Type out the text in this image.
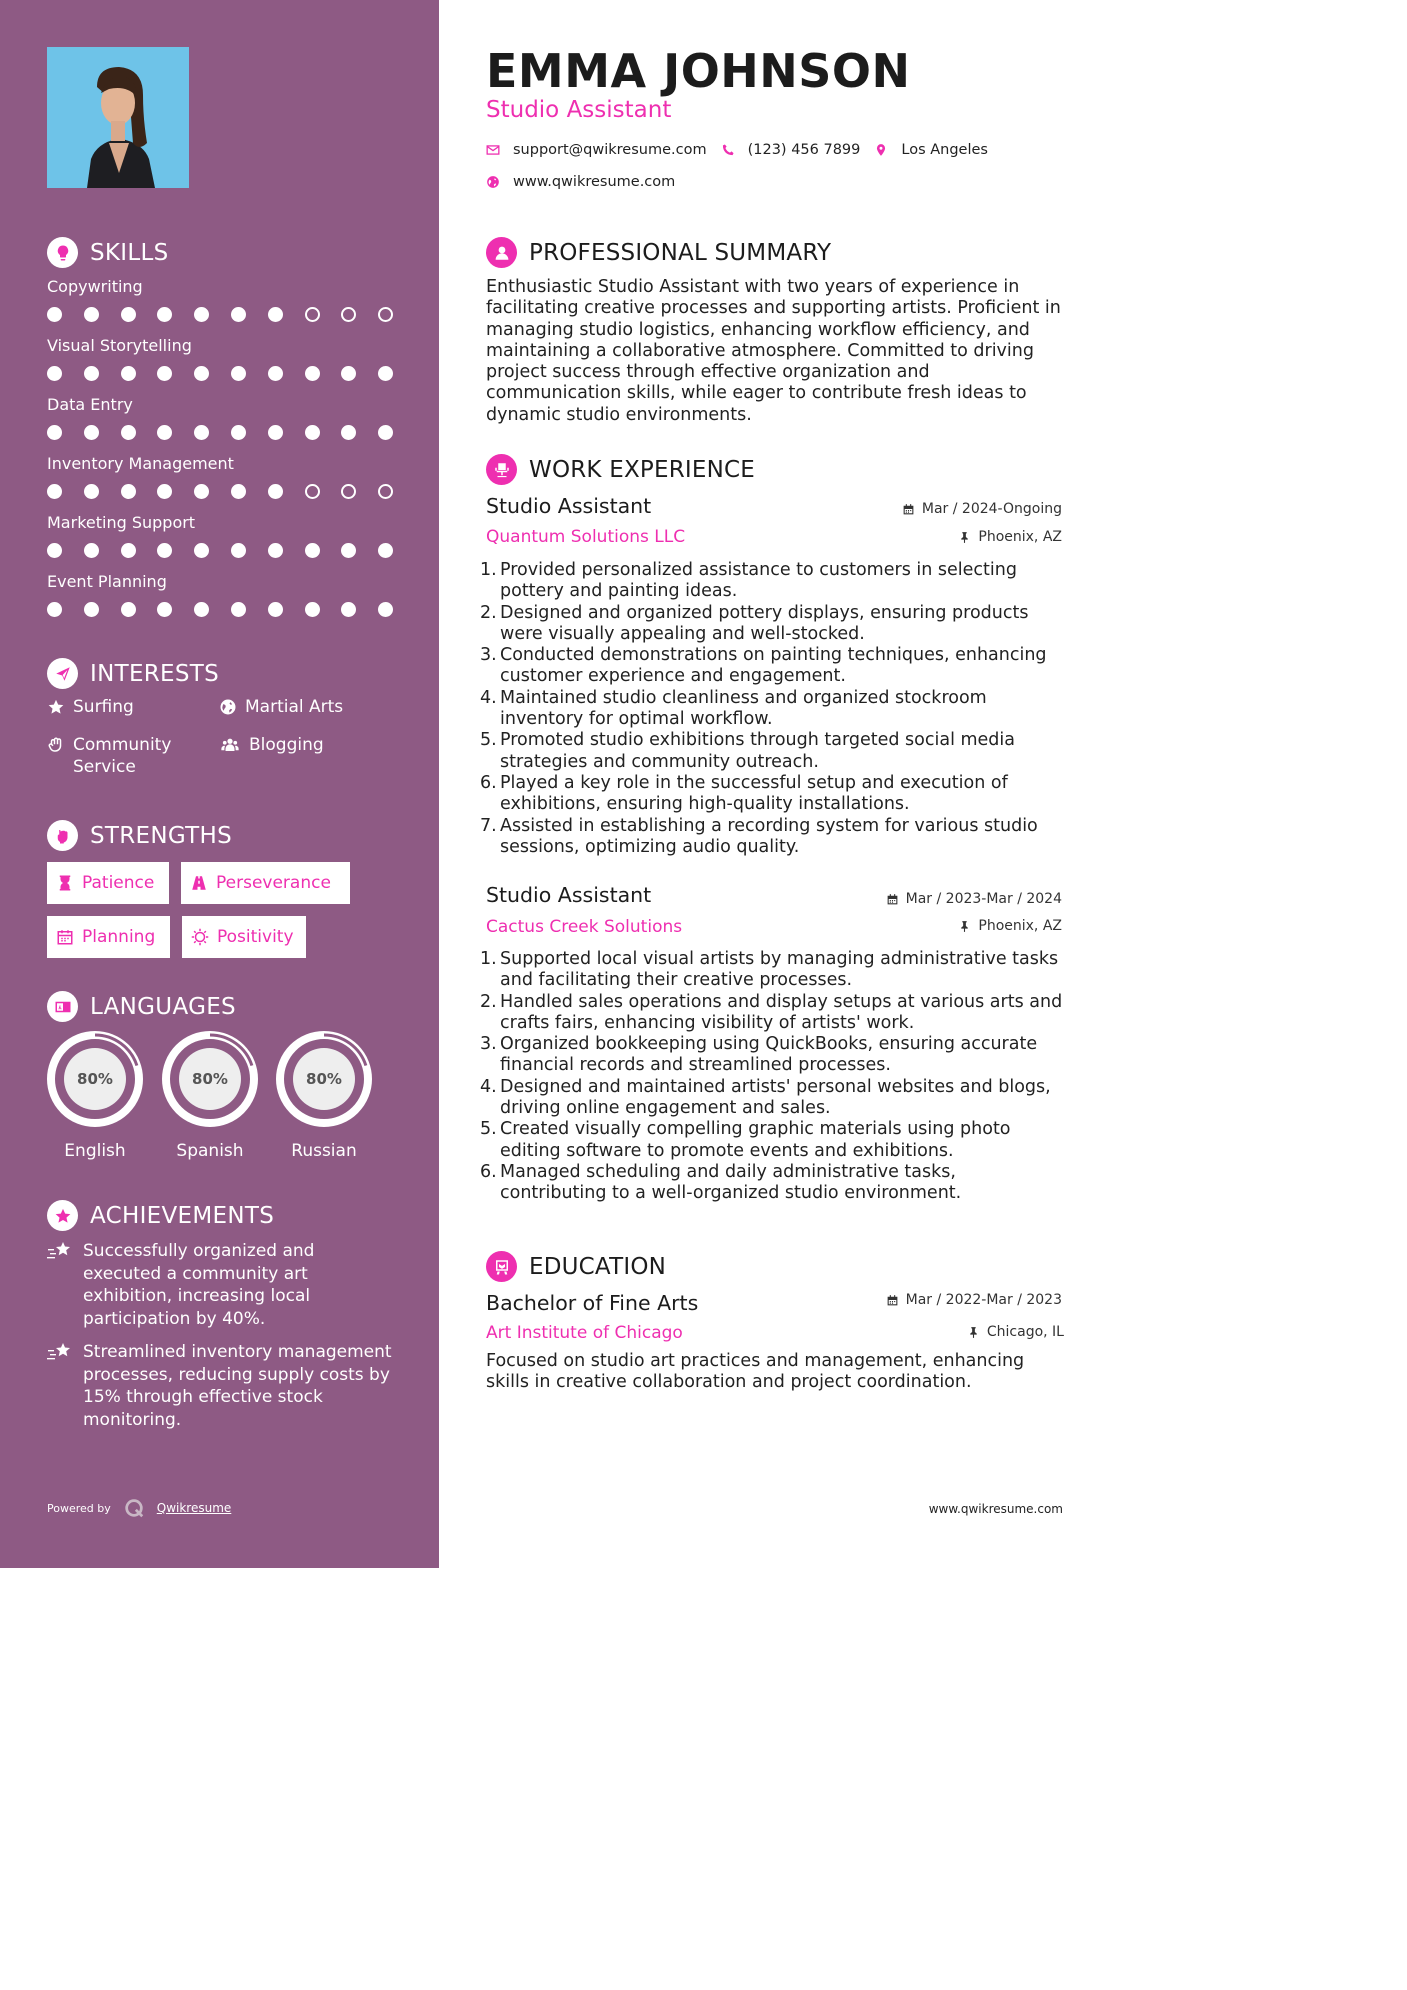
SKILLS
Copywriting
Visual Storytelling
Data Entry
Inventory Management
Marketing Support
Event Planning
INTERESTS
Surfing	Martial Arts
Community Service
Blogging
STRENGTHS
Patience	Perseverance
Planning	Positivity
LANGUAGES
80%
English
80%
Spanish
80%
Russian
ACHIEVEMENTS
Successfully organized and executed a community art exhibition, increasing local participation by 40%.
Streamlined inventory management processes, reducing supply costs by 15% through effective stock monitoring.
Powered by	Qwikresume
EMMA JOHNSON
Studio Assistant
support@qwikresume.com	(123) 456 7899	Los Angeles
www.qwikresume.com
PROFESSIONAL SUMMARY
Enthusiastic Studio Assistant with two years of experience in facilitating creative processes and supporting artists. Proficient in managing studio logistics, enhancing workflow efficiency, and maintaining a collaborative atmosphere. Committed to driving project success through effective organization and communication skills, while eager to contribute fresh ideas to dynamic studio environments.
WORK EXPERIENCE
Studio Assistant	Mar / 2024-Ongoing
Quantum Solutions LLC	Phoenix, AZ
1. Provided personalized assistance to customers in selecting pottery and painting ideas.
2. Designed and organized pottery displays, ensuring products were visually appealing and well-stocked.
3. Conducted demonstrations on painting techniques, enhancing customer experience and engagement.
4. Maintained studio cleanliness and organized stockroom inventory for optimal workflow.
5. Promoted studio exhibitions through targeted social media strategies and community outreach.
6. Played a key role in the successful setup and execution of exhibitions, ensuring high-quality installations.
7. Assisted in establishing a recording system for various studio sessions, optimizing audio quality.
Studio Assistant	Mar / 2023-Mar / 2024
Cactus Creek Solutions	Phoenix, AZ
1. Supported local visual artists by managing administrative tasks and facilitating their creative processes.
2. Handled sales operations and display setups at various arts and crafts fairs, enhancing visibility of artists' work.
3. Organized bookkeeping using QuickBooks, ensuring accurate financial records and streamlined processes.
4. Designed and maintained artists' personal websites and blogs, driving online engagement and sales.
5. Created visually compelling graphic materials using photo editing software to promote events and exhibitions.
6. Managed scheduling and daily administrative tasks, contributing to a well-organized studio environment.
EDUCATION
Bachelor of Fine Arts	Mar / 2022-Mar / 2023
Art Institute of Chicago	Chicago, IL
Focused on studio art practices and management, enhancing skills in creative collaboration and project coordination.
www.qwikresume.com
